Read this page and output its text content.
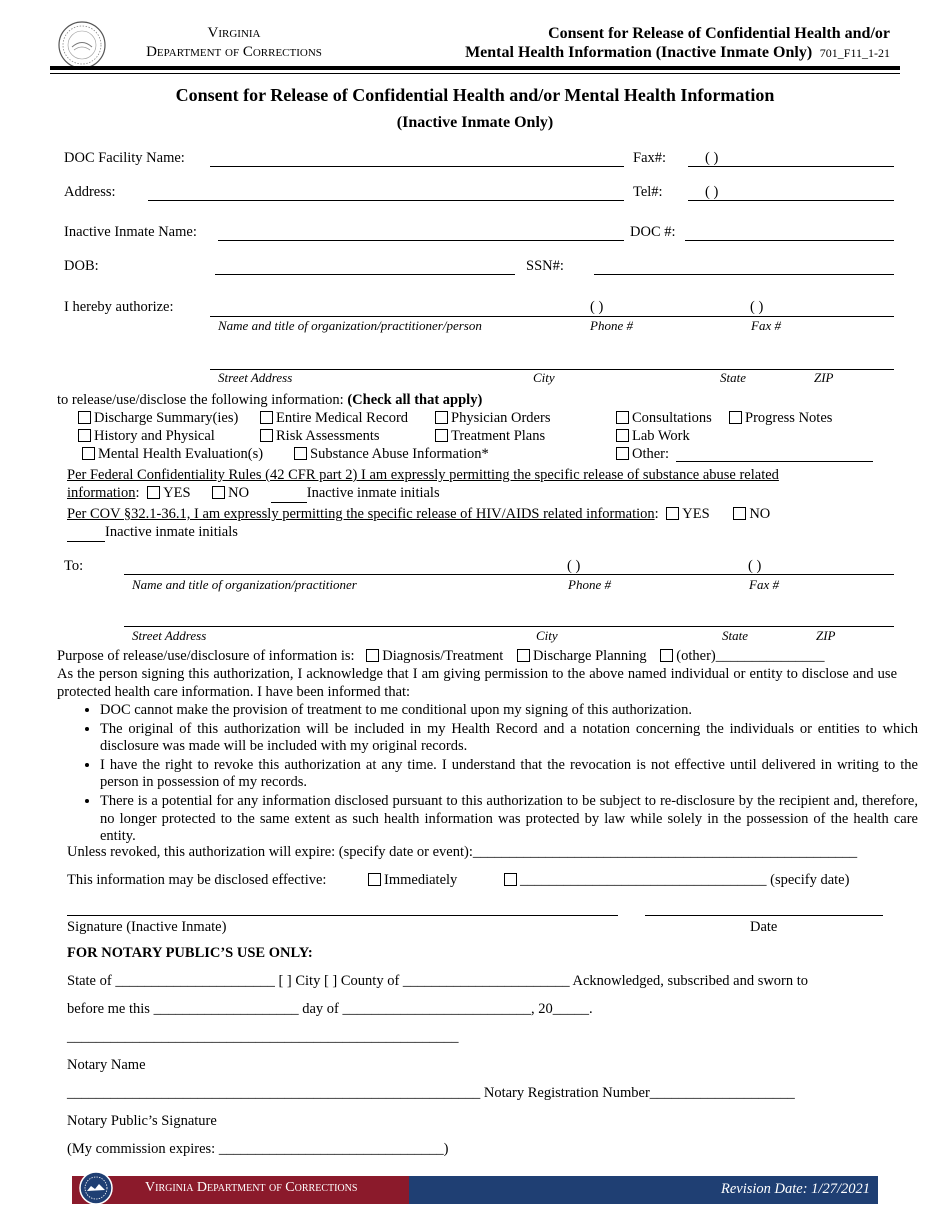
Virginia
Department of Corrections
Consent for Release of Confidential Health and/or
Mental Health Information (Inactive Inmate Only) 701_F11_1-21
Consent for Release of Confidential Health and/or Mental Health Information
(Inactive Inmate Only)
DOC Facility Name:	Fax#:	( )
Address:	Tel#:	( )
Inactive Inmate Name:	DOC #:
DOB:	SSN#:
I hereby authorize:	( )	( )
Name and title of organization/practitioner/person	Phone #	Fax #
Street Address	City	State	ZIP
to release/use/disclose the following information: (Check all that apply)
Discharge Summary(ies)	Entire Medical Record	Physician Orders	Consultations	Progress Notes
History and Physical	Risk Assessments	Treatment Plans	Lab Work
Mental Health Evaluation(s)	Substance Abuse Information*	Other:
Per Federal Confidentiality Rules (42 CFR part 2) I am expressly permitting the specific release of substance abuse related
information: YES	NO	Inactive inmate initials
Per COV §32.1-36.1, I am expressly permitting the specific release of HIV/AIDS related information: YES	NO
Inactive inmate initials
To:	( )	( )
Name and title of organization/practitioner	Phone #	Fax #
Street Address	City	State	ZIP
Purpose of release/use/disclosure of information is: Diagnosis/Treatment Discharge Planning (other)_______________
As the person signing this authorization, I acknowledge that I am giving permission to the above named individual or entity to disclose and use protected health care information. I have been informed that:
• DOC cannot make the provision of treatment to me conditional upon my signing of this authorization.
• The original of this authorization will be included in my Health Record and a notation concerning the individuals or entities to which disclosure was made will be included with my original records.
• I have the right to revoke this authorization at any time. I understand that the revocation is not effective until delivered in writing to the person in possession of my records.
• There is a potential for any information disclosed pursuant to this authorization to be subject to re-disclosure by the recipient and, therefore, no longer protected to the same extent as such health information was protected by law while solely in the possession of the health care entity.
Unless revoked, this authorization will expire: (specify date or event):_____________________________________________________
This information may be disclosed effective:	Immediately	__________________________________ (specify date)
Signature (Inactive Inmate)	Date
FOR NOTARY PUBLIC’S USE ONLY:
State of ______________________ [ ] City [ ] County of _______________________ Acknowledged, subscribed and sworn to
before me this ____________________ day of __________________________, 20_____.
______________________________________________________
Notary Name
_________________________________________________________ Notary Registration Number____________________
Notary Public’s Signature
(My commission expires: _______________________________)
Virginia Department of Corrections	Revision Date: 1/27/2021
